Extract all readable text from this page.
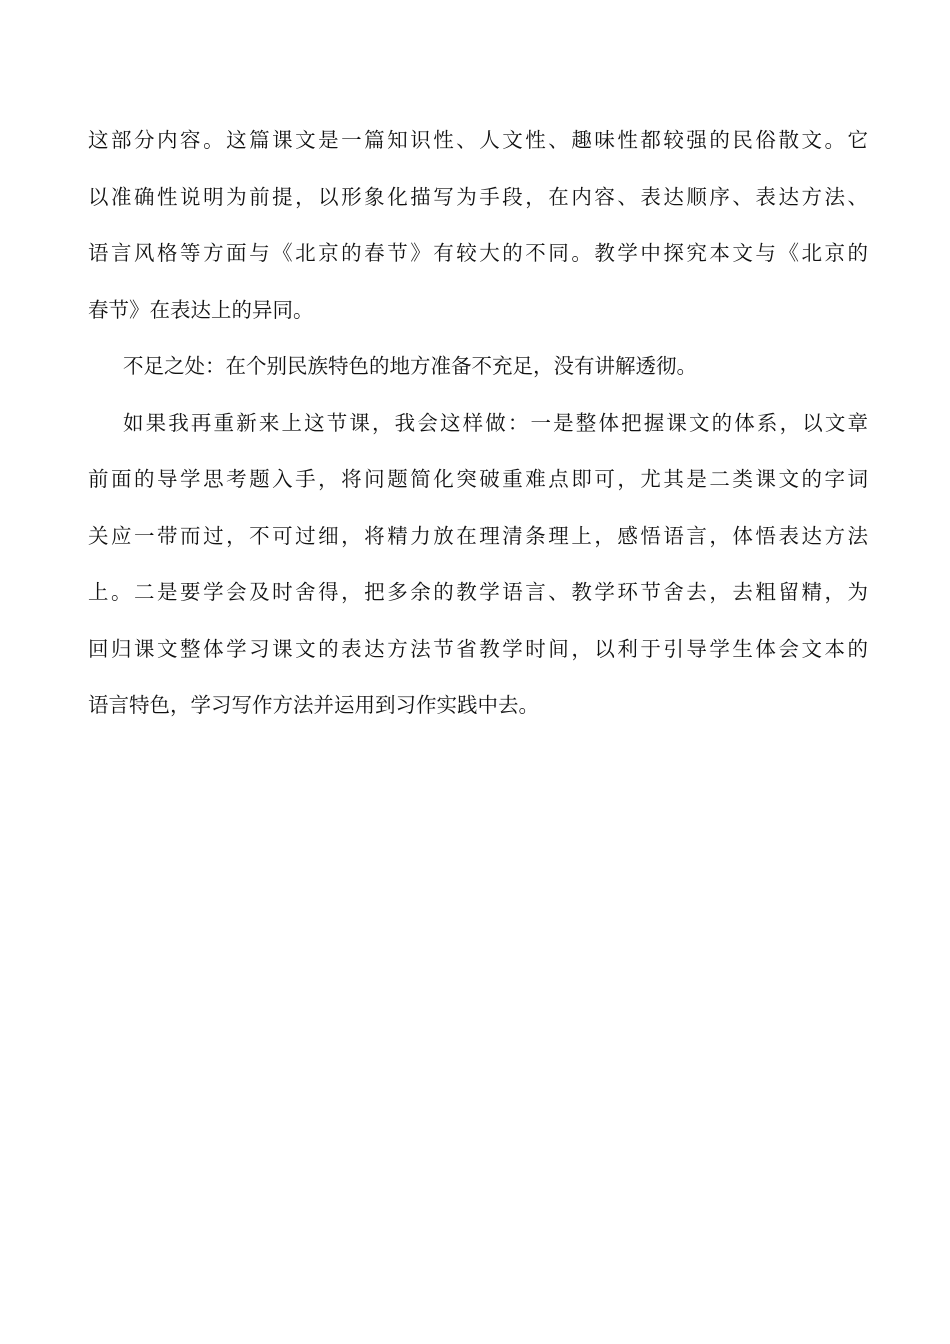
这部分内容。这篇课文是一篇知识性、人文性、趣味性都较强的民俗散文。它
以准确性说明为前提，以形象化描写为手段，在内容、表达顺序、表达方法、
语言风格等方面与《北京的春节》有较大的不同。教学中探究本文与《北京的
春节》在表达上的异同。
不足之处：在个别民族特色的地方准备不充足，没有讲解透彻。
如果我再重新来上这节课，我会这样做：一是整体把握课文的体系，以文章
前面的导学思考题入手，将问题简化突破重难点即可，尤其是二类课文的字词
关应一带而过，不可过细，将精力放在理清条理上，感悟语言，体悟表达方法
上。二是要学会及时舍得，把多余的教学语言、教学环节舍去，去粗留精，为
回归课文整体学习课文的表达方法节省教学时间，以利于引导学生体会文本的
语言特色，学习写作方法并运用到习作实践中去。
